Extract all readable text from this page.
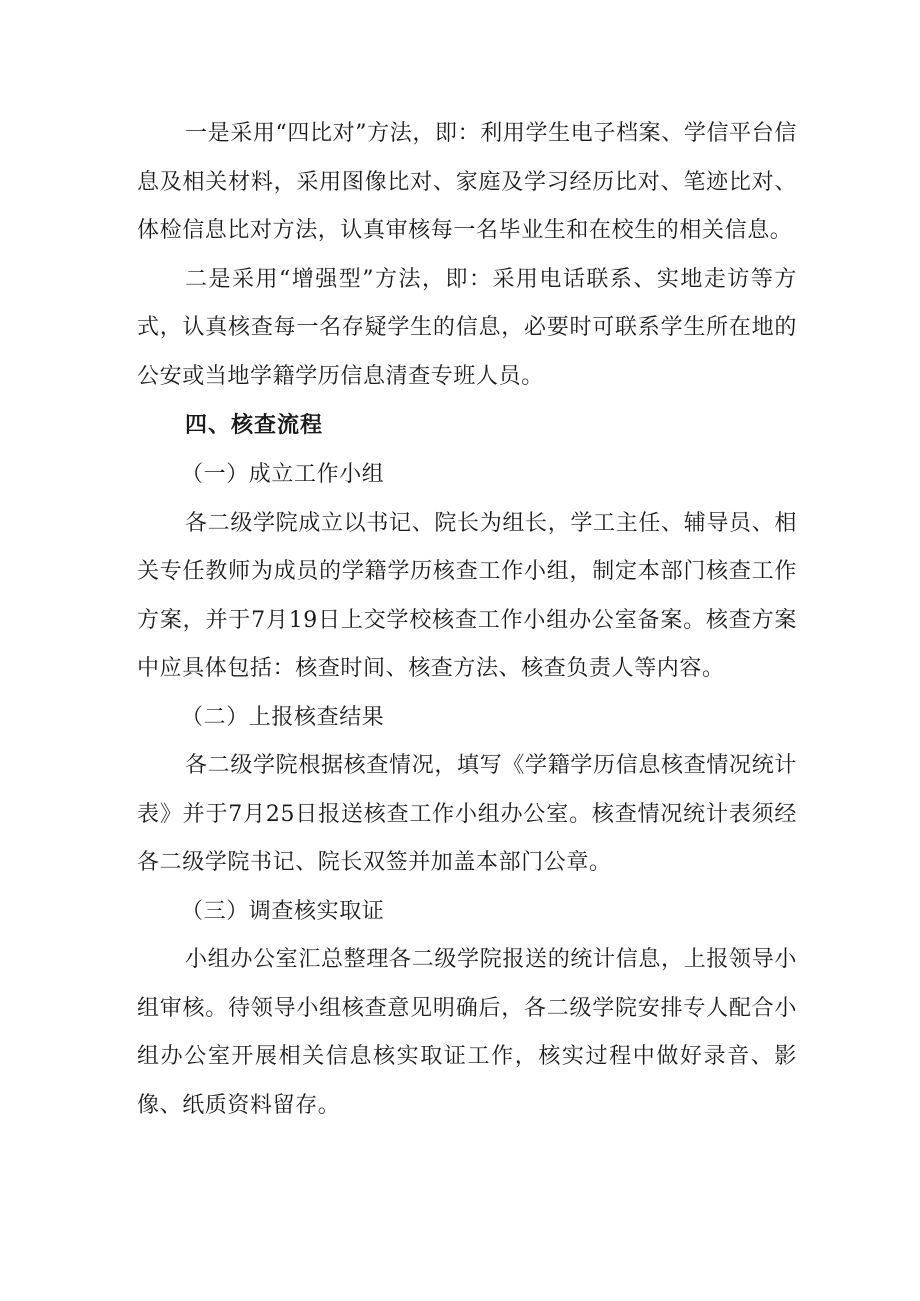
一是采用“四比对”方法，即：利用学生电子档案、学信平台信息及相关材料，采用图像比对、家庭及学习经历比对、笔迹比对、体检信息比对方法，认真审核每一名毕业生和在校生的相关信息。

二是采用“增强型”方法，即：采用电话联系、实地走访等方式，认真核查每一名存疑学生的信息，必要时可联系学生所在地的公安或当地学籍学历信息清查专班人员。

四、核查流程

（一）成立工作小组

各二级学院成立以书记、院长为组长，学工主任、辅导员、相关专任教师为成员的学籍学历核查工作小组，制定本部门核查工作方案，并于7月19日上交学校核查工作小组办公室备案。核查方案中应具体包括：核查时间、核查方法、核查负责人等内容。

（二）上报核查结果

各二级学院根据核查情况，填写《学籍学历信息核查情况统计表》并于7月25日报送核查工作小组办公室。核查情况统计表须经各二级学院书记、院长双签并加盖本部门公章。

（三）调查核实取证

小组办公室汇总整理各二级学院报送的统计信息，上报领导小组审核。待领导小组核查意见明确后，各二级学院安排专人配合小组办公室开展相关信息核实取证工作，核实过程中做好录音、影像、纸质资料留存。
